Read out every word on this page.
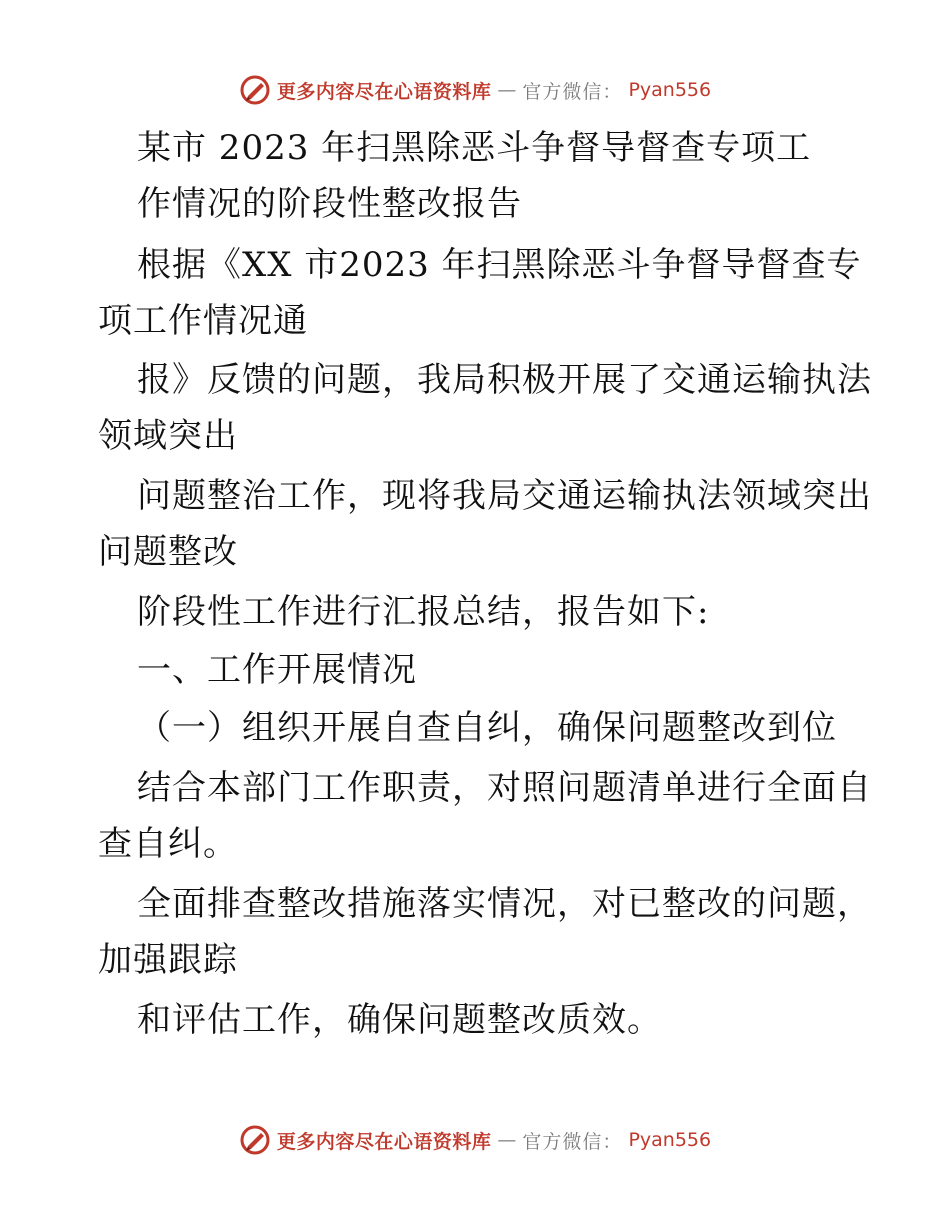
更多内容尽在心语资料库 — 官方微信： Pyan556
某市 2023 年扫黑除恶斗争督导督查专项工
作情况的阶段性整改报告
根据《XX 市2023 年扫黑除恶斗争督导督查专
项工作情况通
报》反馈的问题，我局积极开展了交通运输执法
领域突出
问题整治工作，现将我局交通运输执法领域突出
问题整改
阶段性工作进行汇报总结，报告如下:
一、工作开展情况
（一）组织开展自查自纠，确保问题整改到位
结合本部门工作职责，对照问题清单进行全面自
查自纠。
全面排查整改措施落实情况，对已整改的问题，
加强跟踪
和评估工作，确保问题整改质效。
更多内容尽在心语资料库 — 官方微信： Pyan556
